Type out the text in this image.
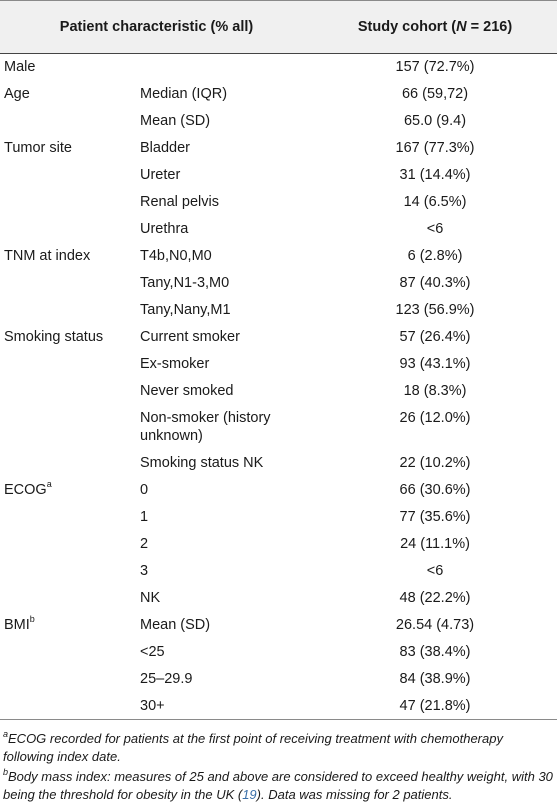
Patient characteristic (% all)		Study cohort (N = 216)
Male		157 (72.7%)
Age	Median (IQR)	66 (59,72)
	Mean (SD)	65.0 (9.4)
Tumor site	Bladder	167 (77.3%)
	Ureter	31 (14.4%)
	Renal pelvis	14 (6.5%)
	Urethra	<6
TNM at index	T4b,N0,M0	6 (2.8%)
	Tany,N1-3,M0	87 (40.3%)
	Tany,Nany,M1	123 (56.9%)
Smoking status	Current smoker	57 (26.4%)
	Ex-smoker	93 (43.1%)
	Never smoked	18 (8.3%)
	Non-smoker (history unknown)	26 (12.0%)
	Smoking status NK	22 (10.2%)
ECOG$^a$	0	66 (30.6%)
	1	77 (35.6%)
	2	24 (11.1%)
	3	<6
	NK	48 (22.2%)
BMI$^b$	Mean (SD)	26.54 (4.73)
	<25	83 (38.4%)
	25–29.9	84 (38.9%)
	30+	47 (21.8%)
$^a$ECOG recorded for patients at the first point of receiving treatment with chemotherapy following index date.
$^b$Body mass index: measures of 25 and above are considered to exceed healthy weight, with 30 being the threshold for obesity in the UK (19). Data was missing for 2 patients.
